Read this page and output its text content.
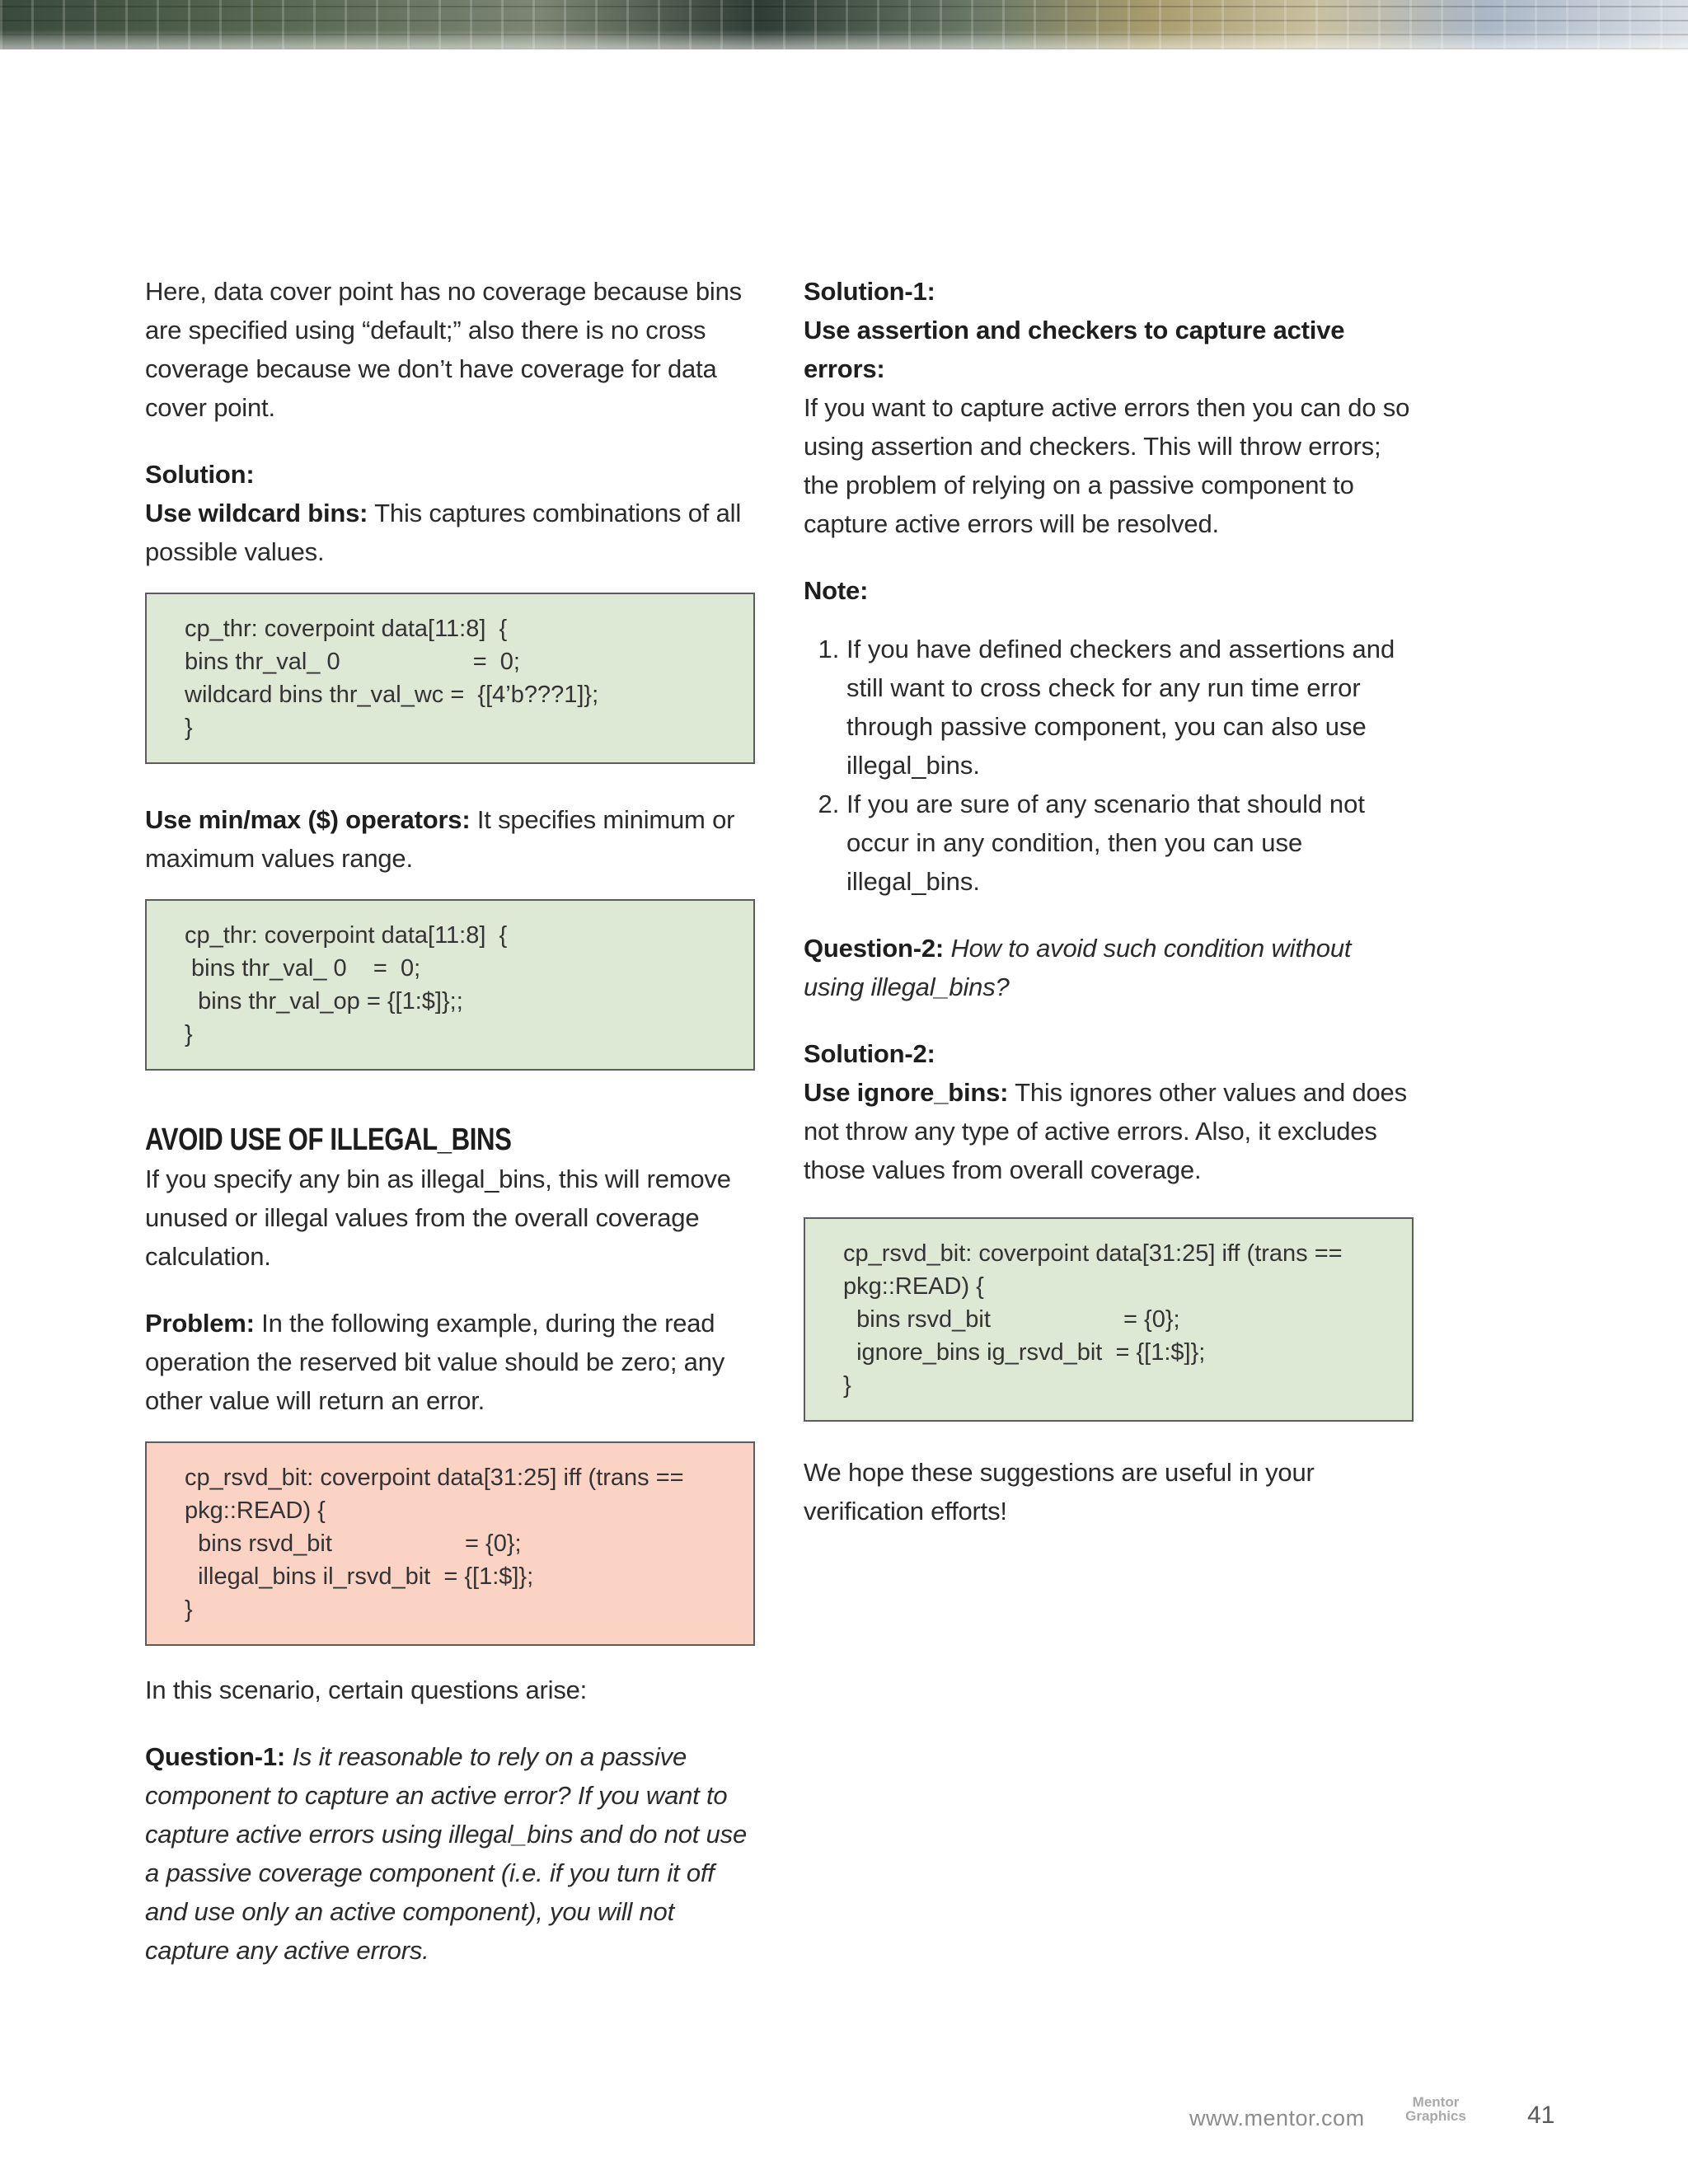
Here, data cover point has no coverage because bins are specified using “default;” also there is no cross coverage because we don’t have coverage for data cover point.

Solution:

Use wildcard bins: This captures combinations of all possible values.

cp_thr: coverpoint data[11:8]  {
bins thr_val_ 0                    =  0;
wildcard bins thr_val_wc =  {[4’b???1]};
}

Use min/max ($) operators: It specifies minimum or maximum values range.

cp_thr: coverpoint data[11:8]  {
bins thr_val_ 0    =  0;
bins thr_val_op = {[1:$]};;
}
AVOID USE OF ILLEGAL_BINS

If you specify any bin as illegal_bins, this will remove unused or illegal values from the overall coverage calculation.

Problem: In the following example, during the read operation the reserved bit value should be zero; any other value will return an error.

cp_rsvd_bit: coverpoint data[31:25] iff (trans ==
pkg::READ) {
bins rsvd_bit                    = {0};
illegal_bins il_rsvd_bit  = {[1:$]};
}

In this scenario, certain questions arise:

Question-1: Is it reasonable to rely on a passive component to capture an active error? If you want to capture active errors using illegal_bins and do not use a passive coverage component (i.e. if you turn it off and use only an active component), you will not capture any active errors.

Solution-1:

Use assertion and checkers to capture active errors:

If you want to capture active errors then you can do so using assertion and checkers. This will throw errors; the problem of relying on a passive component to capture active errors will be resolved.

Note:

1. If you have defined checkers and assertions and still want to cross check for any run time error through passive component, you can also use illegal_bins.
2. If you are sure of any scenario that should not occur in any condition, then you can use illegal_bins.

Question-2: How to avoid such condition without using illegal_bins?

Solution-2:

Use ignore_bins: This ignores other values and does not throw any type of active errors. Also, it excludes those values from overall coverage.

cp_rsvd_bit: coverpoint data[31:25] iff (trans ==
pkg::READ) {
bins rsvd_bit                    = {0};
ignore_bins ig_rsvd_bit  = {[1:$]};
}

We hope these suggestions are useful in your verification efforts!

www.mentor.com
Mentor
Graphics 41
